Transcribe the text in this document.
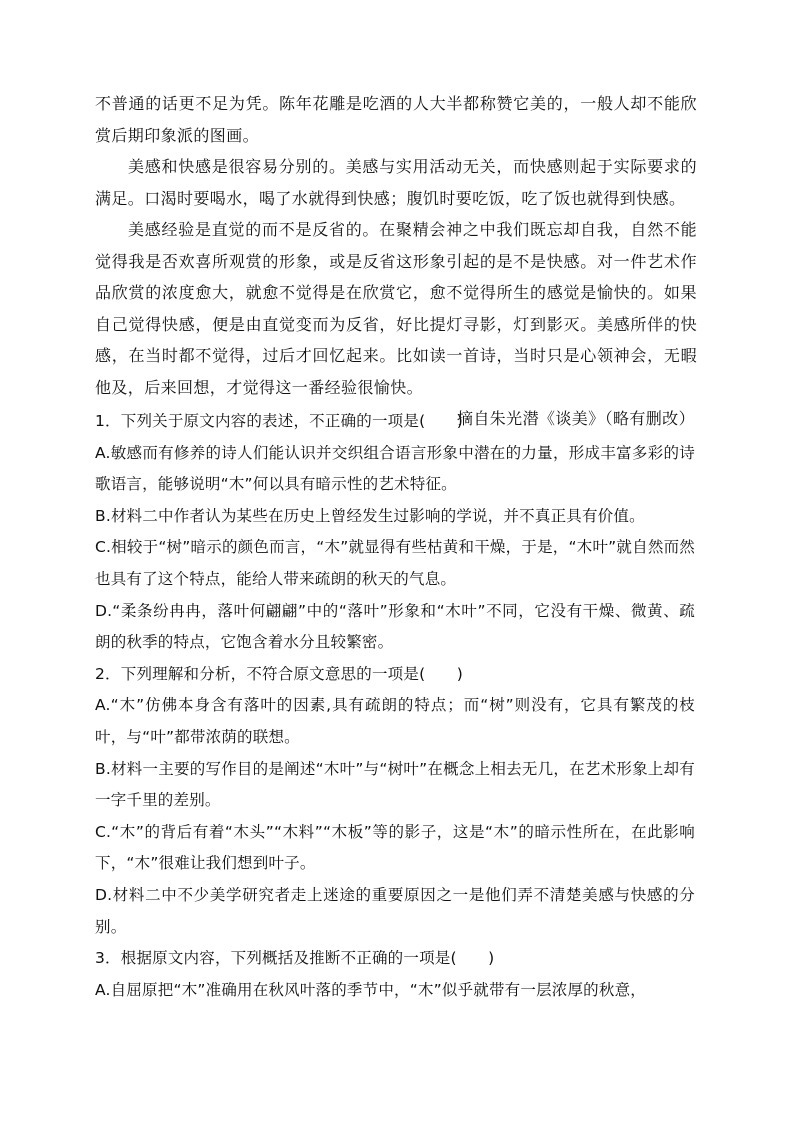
不普通的话更不足为凭。陈年花雕是吃酒的人大半都称赞它美的，一般人却不能欣赏后期印象派的图画。

美感和快感是很容易分别的。美感与实用活动无关，而快感则起于实际要求的满足。口渴时要喝水，喝了水就得到快感；腹饥时要吃饭，吃了饭也就得到快感。

美感经验是直觉的而不是反省的。在聚精会神之中我们既忘却自我，自然不能觉得我是否欢喜所观赏的形象，或是反省这形象引起的是不是快感。对一件艺术作品欣赏的浓度愈大，就愈不觉得是在欣赏它，愈不觉得所生的感觉是愉快的。如果自己觉得快感，便是由直觉变而为反省，好比提灯寻影，灯到影灭。美感所伴的快感，在当时都不觉得，过后才回忆起来。比如读一首诗，当时只是心领神会，无暇他及，后来回想，才觉得这一番经验很愉快。

摘自朱光潜《谈美》（略有删改）

1．下列关于原文内容的表述，不正确的一项是(　　)

A.敏感而有修养的诗人们能认识并交织组合语言形象中潜在的力量，形成丰富多彩的诗歌语言，能够说明“木”何以具有暗示性的艺术特征。

B.材料二中作者认为某些在历史上曾经发生过影响的学说，并不真正具有价值。

C.相较于“树”暗示的颜色而言，“木”就显得有些枯黄和干燥，于是，“木叶”就自然而然也具有了这个特点，能给人带来疏朗的秋天的气息。

D.“柔条纷冉冉，落叶何翩翩”中的“落叶”形象和“木叶”不同，它没有干燥、微黄、疏朗的秋季的特点，它饱含着水分且较繁密。

2．下列理解和分析，不符合原文意思的一项是(　　)

A.“木”仿佛本身含有落叶的因素,具有疏朗的特点；而“树”则没有，它具有繁茂的枝叶，与“叶”都带浓荫的联想。

B.材料一主要的写作目的是阐述“木叶”与“树叶”在概念上相去无几，在艺术形象上却有一字千里的差别。

C.“木”的背后有着“木头”“木料”“木板”等的影子，这是“木”的暗示性所在，在此影响下，“木”很难让我们想到叶子。

D.材料二中不少美学研究者走上迷途的重要原因之一是他们弄不清楚美感与快感的分别。

3．根据原文内容，下列概括及推断不正确的一项是(　　)

A.自屈原把“木”准确用在秋风叶落的季节中，“木”似乎就带有一层浓厚的秋意，
